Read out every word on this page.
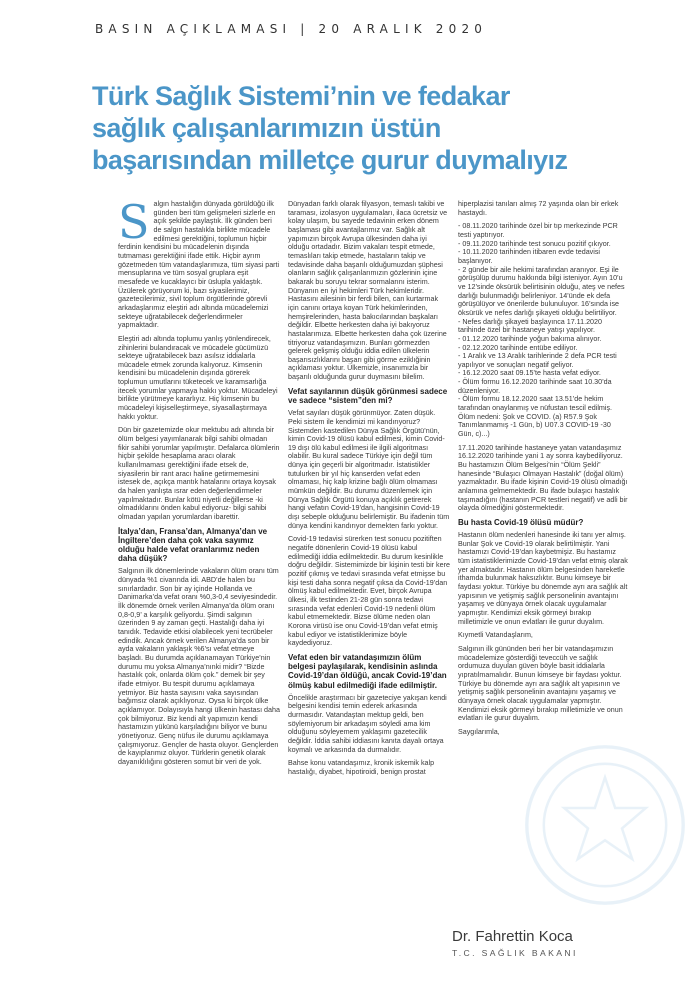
BASIN AÇIKLAMASI | 20 ARALIK 2020
Türk Sağlık Sistemi’nin ve fedakar
sağlık çalışanlarımızın üstün
başarısından milletçe gurur duymalıyız
S algın hastalığın dünyada görüldüğü ilk günden beri tüm gelişmeleri sizlerle en açık şekilde paylaştık. İlk günden beri de salgın hastalıkla birlikte mücadele edilmesi gerektiğini, toplumun hiçbir ferdinin kendisini bu mücadelenin dışında tutmaması gerektiğini ifade ettik. Hiçbir ayrım gözetmeden tüm vatandaşlarımıza, tüm siyasi parti mensuplarına ve tüm sosyal gruplara eşit mesafede ve kucaklayıcı bir üslupla yaklaştık. Üzülerek görüyorum ki, bazı siyasilerimiz, gazetecilerimiz, sivil toplum örgütlerinde görevli arkadaşlarımız eleştiri adı altında mücadelemizi sekteye uğratabilecek değerlendirmeler yapmaktadır.

Eleştiri adı altında toplumu yanlış yönlendirecek, zihinlerini bulandıracak ve mücadele gücümüzü sekteye uğratabilecek bazı asılsız iddialarla mücadele etmek zorunda kalıyoruz. Kimsenin kendisini bu mücadelenin dışında görerek toplumun umutlarını tüketecek ve karamsarlığa itecek yorumlar yapmaya hakkı yoktur. Mücadeleyi birlikte yürütmeye kararlıyız. Hiç kimsenin bu mücadeleyi kişiselleştirmeye, siyasallaştırmaya hakkı yoktur.

Dün bir gazetemizde okur mektubu adı altında bir ölüm belgesi yayımlanarak bilgi sahibi olmadan fikir sahibi yorumlar yapılmıştır. Defalarca ölümlerin hiçbir şekilde hesaplama aracı olarak kullanılmaması gerektiğini ifade etsek de, siyasilerin bir rant aracı haline getirmemesini istesek de, açıkça mantık hatalarını ortaya koysak da halen yanlışta ısrar eden değerlendirmeler yapılmaktadır. Bunlar kötü niyetli değillerse -ki olmadıklarını önden kabul ediyoruz- bilgi sahibi olmadan yapılan yorumlardan ibarettir.

İtalya’dan, Fransa’dan, Almanya’dan ve İngiltere’den daha çok vaka sayımız olduğu halde vefat oranlarımız neden daha düşük?

Salgının ilk dönemlerinde vakaların ölüm oranı tüm dünyada %1 civarında idi. ABD’de halen bu sınırlardadır. Son bir ay içinde Hollanda ve Danimarka’da vefat oranı %0,3-0,4 seviyesindedir. İlk dönemde örnek verilen Almanya’da ölüm oranı 0,8-0,9’ a karşılık geliyordu. Şimdi salgının üzerinden 9 ay zaman geçti. Hastalığı daha iyi tanıdık. Tedavide etkisi olabilecek yeni tecrübeler edindik. Ancak örnek verilen Almanya’da son bir ayda vakaların yaklaşık %6’sı vefat etmeye başladı. Bu durumda açıklanamayan Türkiye’nin durumu mu yoksa Almanya’nınki midir? “Bizde hastalık çok, onlarda ölüm çok.” demek bir şey ifade etmiyor. Bu tespit durumu açıklamaya yetmiyor. Biz hasta sayısını vaka sayısından bağımsız olarak açıklıyoruz. Oysa ki birçok ülke açıklamıyor. Dolayısıyla hangi ülkenin hastası daha çok bilmiyoruz. Biz kendi alt yapımızın kendi hastamızın yükünü karşıladığını biliyor ve bunu yönetiyoruz. Genç nüfus ile durumu açıklamaya çalışmıyoruz. Gençler de hasta oluyor. Gençlerden de kayıplarımız oluyor. Türklerin genetik olarak dayanıklılığını gösteren somut bir veri de yok.

Dünyadan farklı olarak filyasyon, temaslı takibi ve taraması, izolasyon uygulamaları, ilaca ücretsiz ve kolay ulaşım, bu sayede tedavinin erken dönem başlaması gibi avantajlarımız var. Sağlık alt yapımızın birçok Avrupa ülkesinden daha iyi olduğu ortadadır. Bizim vakaları tespit etmede, temaslıları takip etmede, hastaların takip ve tedavisinde daha başarılı olduğumuzdan şüphesi olanların sağlık çalışanlarımızın gözlerinin içine bakarak bu soruyu tekrar sormalarını isterim. Dünyanın en iyi hekimleri Türk hekimleridir. Hastasını ailesinin bir ferdi bilen, can kurtarmak için canını ortaya koyan Türk hekimlerinden, hemşirelerinden, hasta bakıcılarından başkaları değildir. Elbette herkesten daha iyi bakıyoruz hastalarımıza. Elbette herkesten daha çok üzerine titriyoruz vatandaşımızın. Bunları görmezden gelerek gelişmiş olduğu iddia edilen ülkelerin başarısızlıklarını başarı gibi görme eziklığinin açıklaması yoktur. Ülkemizle, insanımızla bir başarılı olduğunda gurur duymasını bilelim.

Vefat sayılarının düşük görünmesi sadece ve sadece “sistem”den mi?

Vefat sayıları düşük görünmüyor. Zaten düşük. Peki sistem ile kendimizi mi kandırıyoruz? Sistemden kastedilen Dünya Sağlık Örgütü’nün, kimin Covid-19 ölüsü kabul edilmesi, kimin Covid-19 dışı ölü kabul edilmesi ile ilgili algoritması olabilir. Bu kural sadece Türkiye için değil tüm dünya için geçerli bir algoritmadır. İstatistikler tutulurken bir yıl hiç kanserden vefat eden olmaması, hiç kalp krizine bağlı ölüm olmaması mümkün değildir. Bu durumu düzenlemek için Dünya Sağlık Örgütü konuya açıklık getirerek hangi vefatın Covid-19’dan, hangisinin Covid-19 dışı sebeple olduğunu belirlemiştir. Bu ifadenin tüm dünya kendini kandırıyor demekten farkı yoktur.

Covid-19 tedavisi sürerken test sonucu pozitiften negatife dönenlerin Covid-19 ölüsü kabul edilmediği iddia edilmektedir. Bu durum kesinlikle doğru değildir. Sistemimizde bir kişinin testi bir kere pozitif çıkmış ve tedavi sırasında vefat etmişse bu kişi testi daha sonra negatif çıksa da Covid-19’dan ölmüş kabul edilmektedir. Evet, birçok Avrupa ülkesi, ilk testinden 21-28 gün sonra tedavi sırasında vefat edenleri Covid-19 nedenli ölüm kabul etmemektedir. Bizse ölüme neden olan Korona virüsü ise onu Covid-19’dan vefat etmiş kabul ediyor ve istatistiklerimize böyle kaydediyoruz.

Vefat eden bir vatandaşımızın ölüm belgesi paylaşılarak, kendisinin aslında Covid-19’dan öldüğü, ancak Covid-19’dan ölmüş kabul edilmediği ifade edilmiştir.

Öncelikle araştırmacı bir gazeteciye yakışan kendi belgesini kendisi temin ederek arkasında durmasıdır. Vatandaştan mektup geldi, ben söylemiyorum bir arkadaşım söyledi ama kim olduğunu söyleyemem yaklaşımı gazetecilik değildir. İddia sahibi iddiasını kanıta dayalı ortaya koymalı ve arkasında da durmalıdır.

Bahse konu vatandaşımız, kronik iskemik kalp hastalığı, diyabet, hipotiroidi, benign prostat

hiperplazisi tanıları almış 72 yaşında olan bir erkek hastaydı.

- 08.11.2020 tarihinde özel bir tıp merkezinde PCR testi yaptırıyor.
- 09.11.2020 tarihinde test sonucu pozitif çıkıyor.
- 10.11.2020 tarihinden itibaren evde tedavisi başlanıyor.
- 2 günde bir aile hekimi tarafından aranıyor. Eşi ile görüşülüp durumu hakkında bilgi isteniyor. Ayın 10’u ve 12’sinde öksürük belirtisinin olduğu, ateş ve nefes darlığı bulunmadığı belirleniyor. 14’ünde ek defa görüşülüyor ve önerilerde bulunuluyor. 16’sında ise öksürük ve nefes darlığı şikayeti olduğu belirtiliyor.
- Nefes darlığı şikayeti başlayınca 17.11.2020 tarihinde özel bir hastaneye yatışı yapılıyor.
- 01.12.2020 tarihinde yoğun bakıma alınıyor.
- 02.12.2020 tarihinde entübe ediliyor.
- 1 Aralık ve 13 Aralık tarihlerinde 2 defa PCR testi yapılıyor ve sonuçları negatif geliyor.
- 16.12.2020 saat 09.15’te hasta vefat ediyor.
- Ölüm formu 16.12.2020 tarihinde saat 10.30’da düzenleniyor.
- Ölüm formu 18.12.2020 saat 13.51’de hekim tarafından onaylanmış ve nüfustan tescil edilmiş. Ölüm nedeni: Şok ve COVID. (a) R57.9 Şok Tanımlanmamış -1 Gün, b) U07.3 COVID-19 -30 Gün, c)...)

17.11.2020 tarihinde hastaneye yatan vatandaşımız 16.12.2020 tarihinde yani 1 ay sonra kaybediliyoruz. Bu hastamızın Ölüm Belgesi’nin “Ölüm Şekli” hanesinde “Bulaşıcı Olmayan Hastalık” (doğal ölüm) yazmaktadır. Bu ifade kişinin Covid-19 ölüsü olmadığı anlamına gelmemektedir. Bu ifade bulaşıcı hastalık taşımadığını (hastanın PCR testleri negatif) ve adli bir olayda ölmediğini göstermektedir.

Bu hasta Covid-19 ölüsü müdür?

Hastanın ölüm nedenleri hanesinde iki tanı yer almış. Bunlar Şok ve Covid-19 olarak belirtilmiştir. Yani hastamızı Covid-19’dan kaybetmişiz. Bu hastamız tüm istatistiklerimizde Covid-19’dan vefat etmiş olarak yer almaktadır. Hastanın ölüm belgesinden hareketle ithamda bulunmak haksızlıktır. Bunu kimseye bir faydası yoktur. Türkiye bu dönemde ayrı ara sağlık alt yapısının ve yetişmiş sağlık personelinin avantajını yaşamış ve dünyaya örnek olacak uygulamalar yapmıştır. Kendimizi eksik görmeyi bırakıp milletimizle ve onun evlatları ile gurur duyalım.

Kıymetli Vatandaşlarım,

Salgının ilk gününden beri her bir vatandaşımızın mücadelemize gösterdiği teveccüh ve sağlık ordumuza duyulan güven böyle basit iddialarla yıpratılmamalıdır. Bunun kimseye bir faydası yoktur. Türkiye bu dönemde ayrı ara sağlık alt yapısının ve yetişmiş sağlık personelinin avantajını yaşamış ve dünyaya örnek olacak uygulamalar yapmıştır. Kendimizi eksik görmeyi bırakıp milletimizle ve onun evlatları ile gurur duyalım.

Saygılarımla,

Dr. Fahrettin Koca
T.C. SAĞLIK BAKANI
